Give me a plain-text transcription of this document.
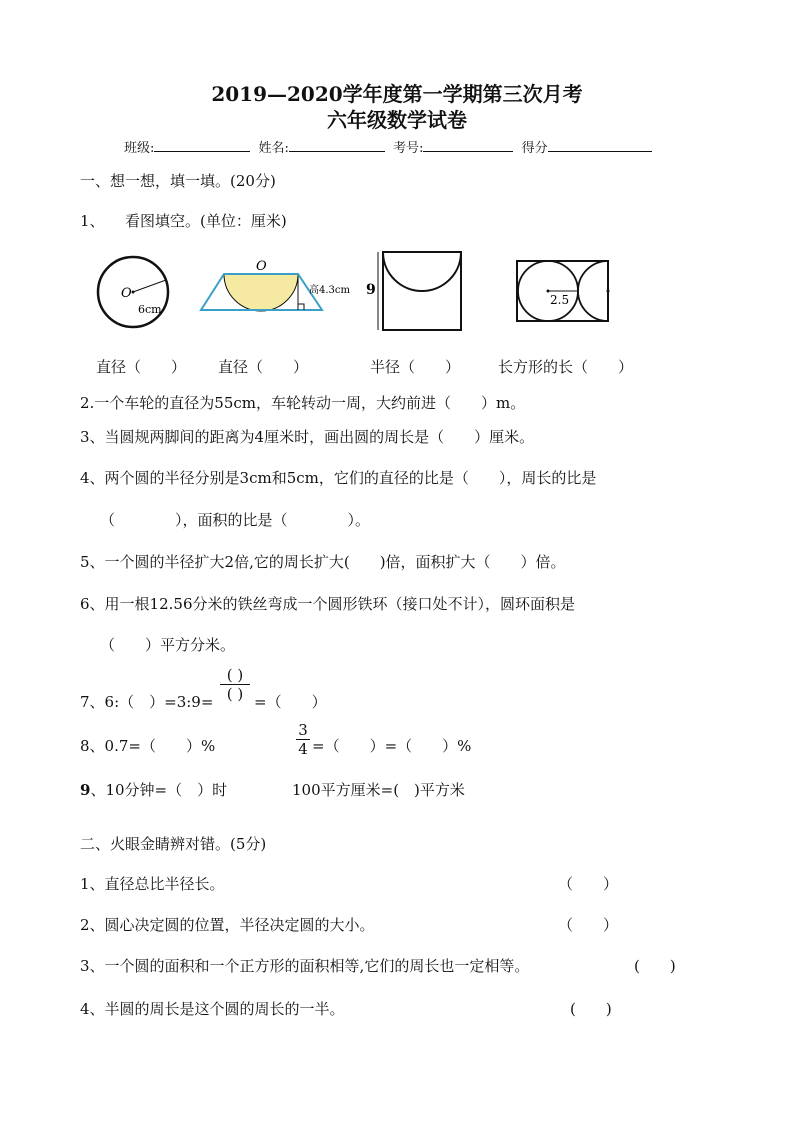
2019—2020学年度第一学期第三次月考
六年级数学试卷
班级:	姓名:	考号:	得分
一、想一想，填一填。(20分)
1、 看图填空。(单位：厘米)
O
6cm
O
高4.3cm 9
2.5
直径（　　） 直径（　　）	半径（　　）	长方形的长（　　）
2.一个车轮的直径为55cm，车轮转动一周，大约前进（　　）m。
3、当圆规两脚间的距离为4厘米时，画出圆的周长是（　　）厘米。
4、两个圆的半径分别是3cm和5cm，它们的直径的比是（　　），周长的比是
（　　　　），面积的比是（　　　　）。
5、一个圆的半径扩大2倍,它的周长扩大(　　)倍，面积扩大（　　）倍。
6、用一根12.56分米的铁丝弯成一个圆形铁环（接口处不计），圆环面积是
（　　）平方分米。
7、6:（　）=3:9=
( )
( ) =（　　）
8、0.7=（　　）%	$\frac{3}{4}$ =（　　）=（　　）%
9、10分钟=（　）时	100平方厘米=(　)平方米
二、火眼金睛辨对错。(5分)
1、直径总比半径长。	（　　）
2、圆心决定圆的位置，半径决定圆的大小。	（　　）
3、一个圆的面积和一个正方形的面积相等,它们的周长也一定相等。	(　　)
4、半圆的周长是这个圆的周长的一半。	(　　)
